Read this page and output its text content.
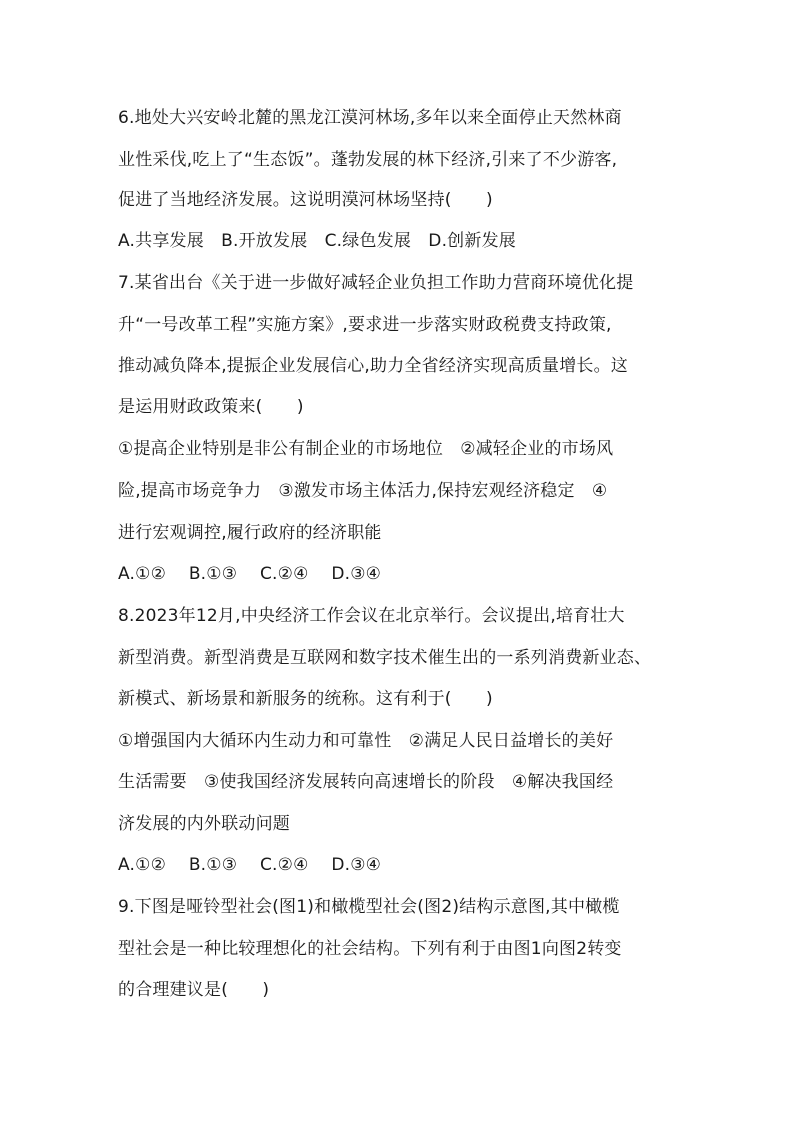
6.地处大兴安岭北麓的黑龙江漠河林场,多年以来全面停止天然林商
业性采伐,吃上了“生态饭”。蓬勃发展的林下经济,引来了不少游客,
促进了当地经济发展。这说明漠河林场坚持(　　)
A.共享发展　B.开放发展　C.绿色发展　D.创新发展
7.某省出台《关于进一步做好减轻企业负担工作助力营商环境优化提
升“一号改革工程”实施方案》,要求进一步落实财政税费支持政策,
推动减负降本,提振企业发展信心,助力全省经济实现高质量增长。这
是运用财政政策来(　　)
①提高企业特别是非公有制企业的市场地位　②减轻企业的市场风
险,提高市场竞争力　③激发市场主体活力,保持宏观经济稳定　④
进行宏观调控,履行政府的经济职能
A.①②　 B.①③　 C.②④　 D.③④
8.2023年12月,中央经济工作会议在北京举行。会议提出,培育壮大
新型消费。新型消费是互联网和数字技术催生出的一系列消费新业态、
新模式、新场景和新服务的统称。这有利于(　　)
①增强国内大循环内生动力和可靠性　②满足人民日益增长的美好
生活需要　③使我国经济发展转向高速增长的阶段　④解决我国经
济发展的内外联动问题
A.①②　 B.①③　 C.②④　 D.③④
9.下图是哑铃型社会(图1)和橄榄型社会(图2)结构示意图,其中橄榄
型社会是一种比较理想化的社会结构。下列有利于由图1向图2转变
的合理建议是(　　)
